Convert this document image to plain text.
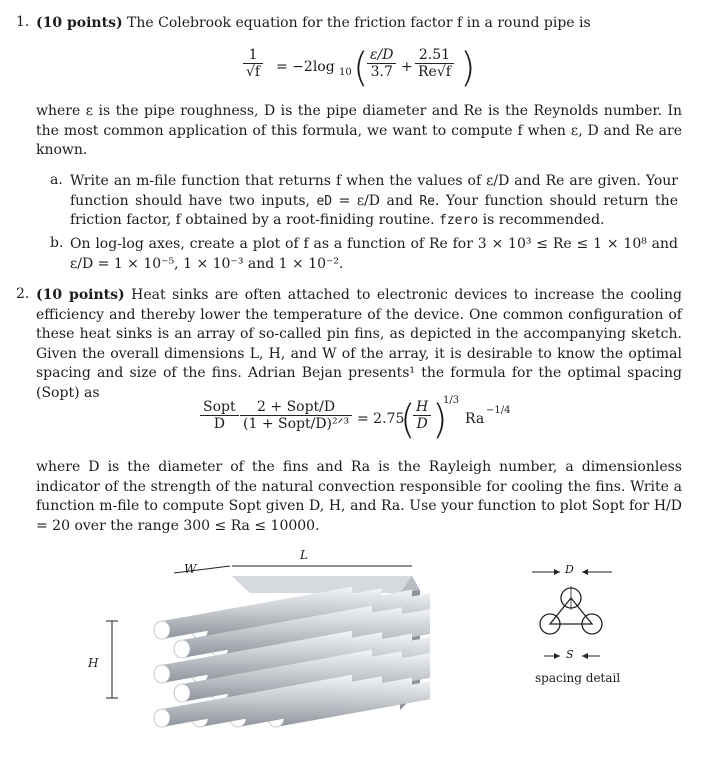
1. (10 points) The Colebrook equation for the friction factor f in a round pipe is
$\frac{1}{√f} = -2\log$ 10 (
$\frac{\varepsilon/D}{3.7} + \frac{2.51}{Re√f}$ )
where ε is the pipe roughness, D is the pipe diameter and Re is the Reynolds number. In the most common application of this formula, we want to compute f when ε, D and Re are known.
a. Write an m-file function that returns f when the values of ε/D and Re are given. Your function should have two inputs, eD = ε/D and Re. Your function should return the friction factor, f obtained by a root-finiding routine. fzero is recommended.
b. On log-log axes, create a plot of f as a function of Re for 3 × 10³ ≤ Re ≤ 1 × 10⁸ and ε/D = 1 × 10⁻⁵, 1 × 10⁻³ and 1 × 10⁻².
2. (10 points) Heat sinks are often attached to electronic devices to increase the cooling efficiency and thereby lower the temperature of the device. One common configuration of these heat sinks is an array of so-called pin fins, as depicted in the accompanying sketch. Given the overall dimensions L, H, and W of the array, it is desirable to know the optimal spacing and size of the fins. Adrian Bejan presents¹ the formula for the optimal spacing (Sopt) as
Sopt
D
2 + Sopt/D
(1 + Sopt/D)²ᐟ³ = 2.75
(
$\frac{H}{D}$ )
1/3
Ra
−1/4
where D is the diameter of the fins and Ra is the Rayleigh number, a dimensionless indicator of the strength of the natural convection responsible for cooling the fins. Write a function m-file to compute Sopt given D, H, and Ra. Use your function to plot Sopt for H/D = 20 over the range 300 ≤ Ra ≤ 10000.
W
L
H
D
S
spacing detail
